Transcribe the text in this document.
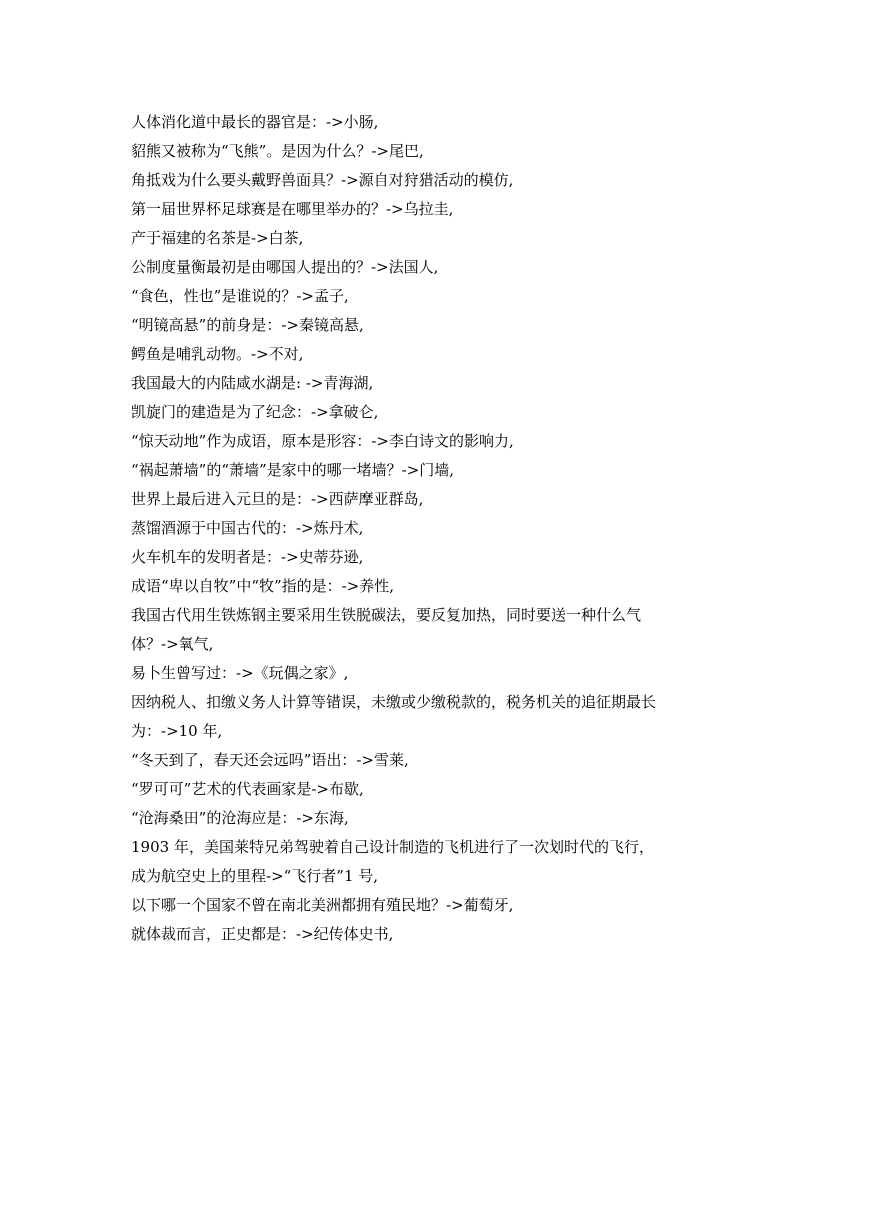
人体消化道中最长的器官是：->小肠,
貂熊又被称为“飞熊”。是因为什么？->尾巴,
角抵戏为什么要头戴野兽面具？->源自对狩猎活动的模仿,
第一届世界杯足球赛是在哪里举办的？->乌拉圭,
产于福建的名茶是->白茶,
公制度量衡最初是由哪国人提出的？->法国人,
“食色，性也”是谁说的？->孟子,
“明镜高悬”的前身是：->秦镜高悬,
鳄鱼是哺乳动物。->不对,
我国最大的内陆咸水湖是: ->青海湖,
凯旋门的建造是为了纪念：->拿破仑,
“惊天动地”作为成语，原本是形容：->李白诗文的影响力,
“祸起萧墙”的“萧墙”是家中的哪一堵墙？->门墙,
世界上最后进入元旦的是：->西萨摩亚群岛,
蒸馏酒源于中国古代的：->炼丹术,
火车机车的发明者是：->史蒂芬逊,
成语“卑以自牧”中“牧”指的是：->养性,
我国古代用生铁炼钢主要采用生铁脱碳法，要反复加热，同时要送一种什么气
体？->氧气,
易卜生曾写过：->《玩偶之家》,
因纳税人、扣缴义务人计算等错误，未缴或少缴税款的，税务机关的追征期最长
为：->10 年,
“冬天到了，春天还会远吗”语出：->雪莱,
“罗可可”艺术的代表画家是->布歇,
“沧海桑田”的沧海应是：->东海,
1903 年，美国莱特兄弟驾驶着自己设计制造的飞机进行了一次划时代的飞行，
成为航空史上的里程->“飞行者”1 号,
以下哪一个国家不曾在南北美洲都拥有殖民地？->葡萄牙,
就体裁而言，正史都是：->纪传体史书,
